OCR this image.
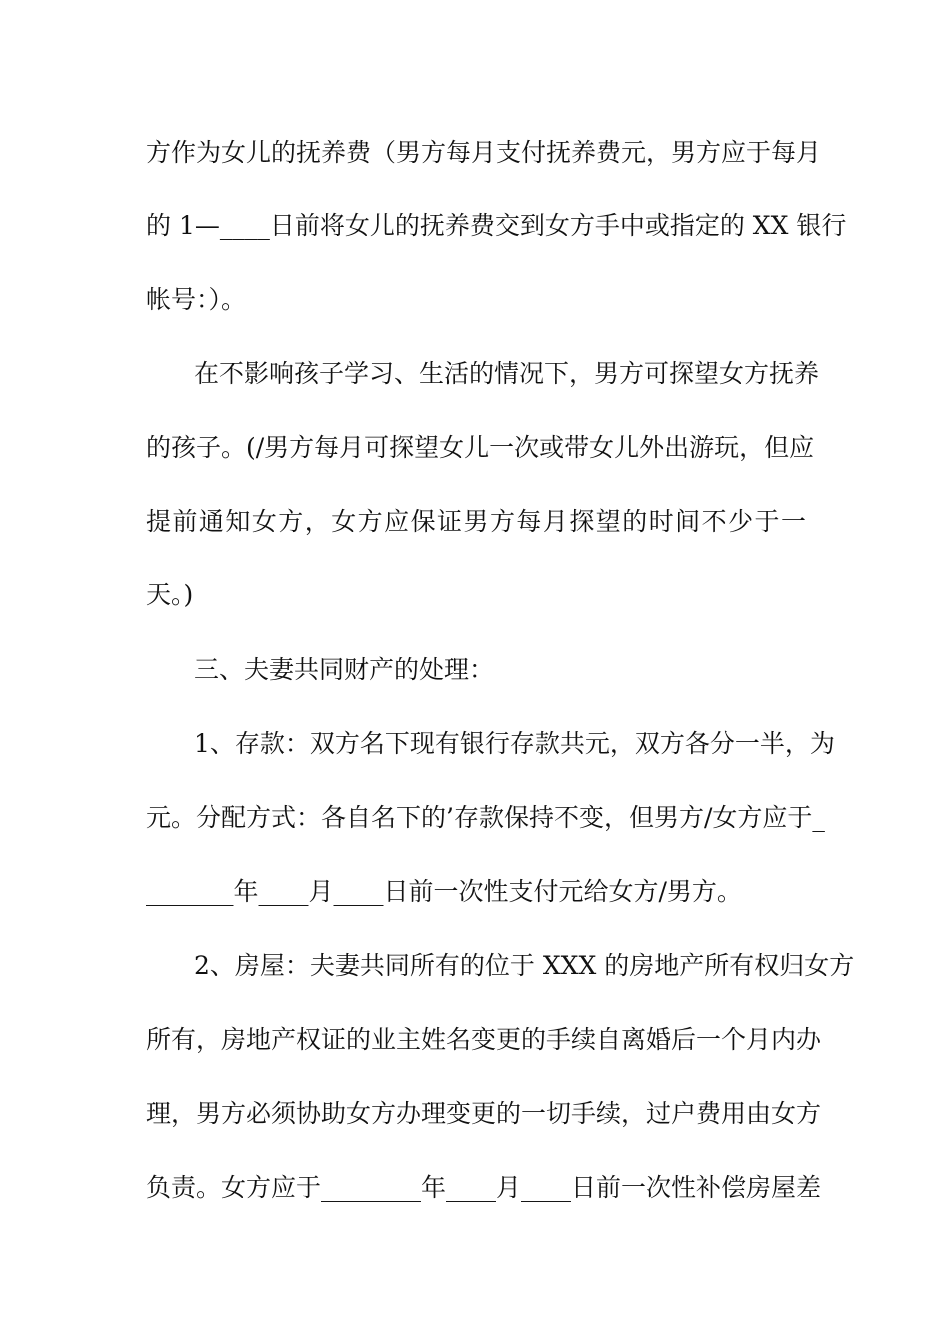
方作为女儿的抚养费（男方每月支付抚养费元，男方应于每月
的 1—____日前将女儿的抚养费交到女方手中或指定的 XX 银行
帐号：）。
在不影响孩子学习、生活的情况下，男方可探望女方抚养
的孩子。(/男方每月可探望女儿一次或带女儿外出游玩，但应
提前通知女方，女方应保证男方每月探望的时间不少于一
天。)
三、夫妻共同财产的处理：
1、存款：双方名下现有银行存款共元，双方各分一半，为
元。分配方式：各自名下的’存款保持不变，但男方/女方应于_
_______年____月____日前一次性支付元给女方/男方。
2、房屋：夫妻共同所有的位于 XXX 的房地产所有权归女方
所有，房地产权证的业主姓名变更的手续自离婚后一个月内办
理，男方必须协助女方办理变更的一切手续，过户费用由女方
负责。女方应于________年____月____日前一次性补偿房屋差
